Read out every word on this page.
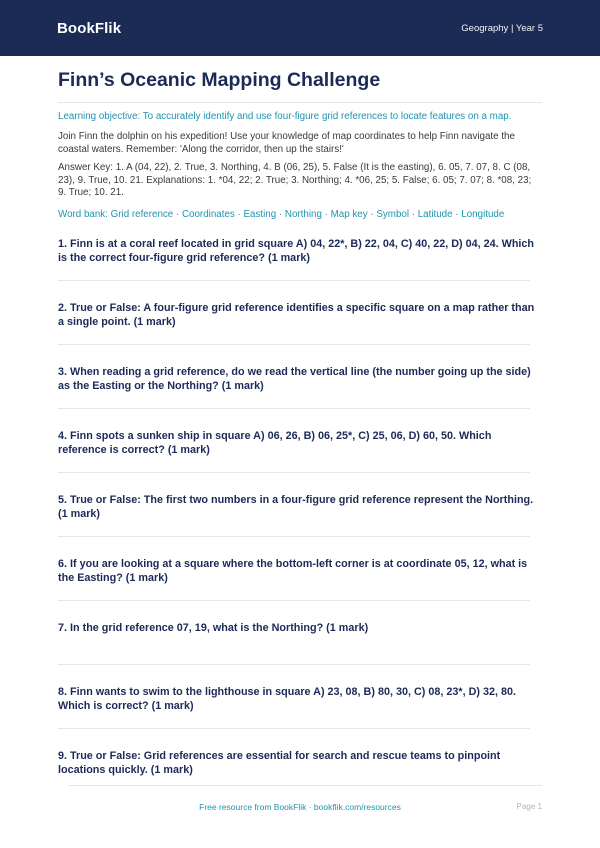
BookFlik	Geography | Year 5
Finn’s Oceanic Mapping Challenge
Learning objective: To accurately identify and use four-figure grid references to locate features on a map.
Join Finn the dolphin on his expedition! Use your knowledge of map coordinates to help Finn navigate the coastal waters. Remember: 'Along the corridor, then up the stairs!'
Answer Key: 1. A (04, 22), 2. True, 3. Northing, 4. B (06, 25), 5. False (It is the easting), 6. 05, 7. 07, 8. C (08, 23), 9. True, 10. 21. Explanations: 1. *04, 22; 2. True; 3. Northing; 4. *06, 25; 5. False; 6. 05; 7. 07; 8. *08, 23; 9. True; 10. 21.
Word bank: Grid reference · Coordinates · Easting · Northing · Map key · Symbol · Latitude · Longitude
1. Finn is at a coral reef located in grid square A) 04, 22*, B) 22, 04, C) 40, 22, D) 04, 24. Which is the correct four-figure grid reference? (1 mark)
2. True or False: A four-figure grid reference identifies a specific square on a map rather than a single point. (1 mark)
3. When reading a grid reference, do we read the vertical line (the number going up the side) as the Easting or the Northing? (1 mark)
4. Finn spots a sunken ship in square A) 06, 26, B) 06, 25*, C) 25, 06, D) 60, 50. Which reference is correct? (1 mark)
5. True or False: The first two numbers in a four-figure grid reference represent the Northing. (1 mark)
6. If you are looking at a square where the bottom-left corner is at coordinate 05, 12, what is the Easting? (1 mark)
7. In the grid reference 07, 19, what is the Northing? (1 mark)
8. Finn wants to swim to the lighthouse in square A) 23, 08, B) 80, 30, C) 08, 23*, D) 32, 80. Which is correct? (1 mark)
9. True or False: Grid references are essential for search and rescue teams to pinpoint locations quickly. (1 mark)
Free resource from BookFlik · bookflik.com/resources	Page 1
